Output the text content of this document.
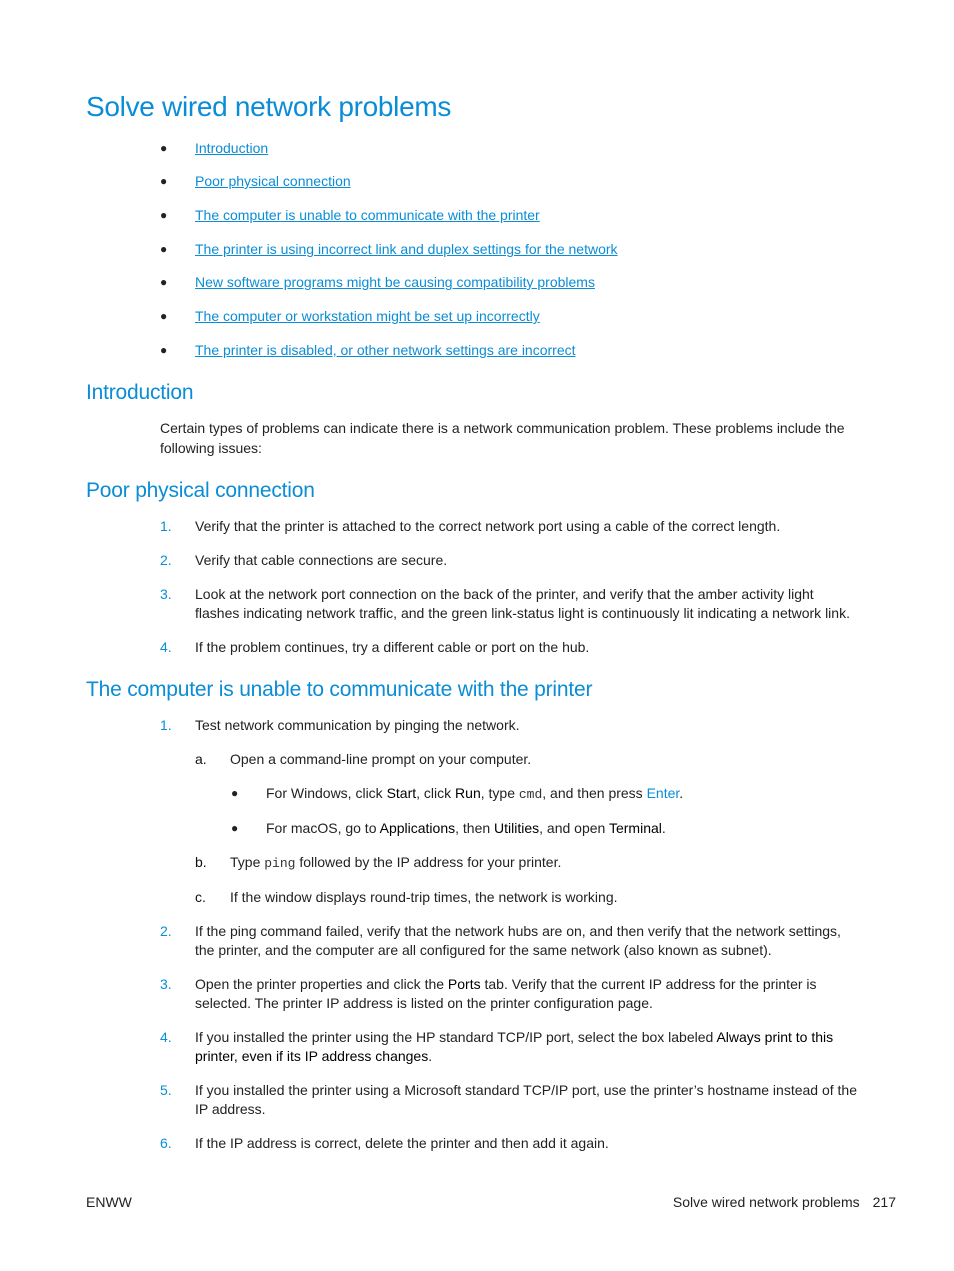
Solve wired network problems
● Introduction
● Poor physical connection
● The computer is unable to communicate with the printer
● The printer is using incorrect link and duplex settings for the network
● New software programs might be causing compatibility problems
● The computer or workstation might be set up incorrectly
● The printer is disabled, or other network settings are incorrect
Introduction
Certain types of problems can indicate there is a network communication problem. These problems include the
following issues:
Poor physical connection
1. Verify that the printer is attached to the correct network port using a cable of the correct length.
2. Verify that cable connections are secure.
3. Look at the network port connection on the back of the printer, and verify that the amber activity light
flashes indicating network traffic, and the green link-status light is continuously lit indicating a network link.
4. If the problem continues, try a different cable or port on the hub.
The computer is unable to communicate with the printer
1. Test network communication by pinging the network.
a. Open a command-line prompt on your computer.
● For Windows, click Start, click Run, type cmd, and then press Enter.
● For macOS, go to Applications, then Utilities, and open Terminal.
b. Type ping followed by the IP address for your printer.
c. If the window displays round-trip times, the network is working.
2. If the ping command failed, verify that the network hubs are on, and then verify that the network settings,
the printer, and the computer are all configured for the same network (also known as subnet).
3. Open the printer properties and click the Ports tab. Verify that the current IP address for the printer is
selected. The printer IP address is listed on the printer configuration page.
4. If you installed the printer using the HP standard TCP/IP port, select the box labeled Always print to this
printer, even if its IP address changes.
5. If you installed the printer using a Microsoft standard TCP/IP port, use the printer’s hostname instead of the
IP address.
6. If the IP address is correct, delete the printer and then add it again.
ENWW	Solve wired network problems 217
